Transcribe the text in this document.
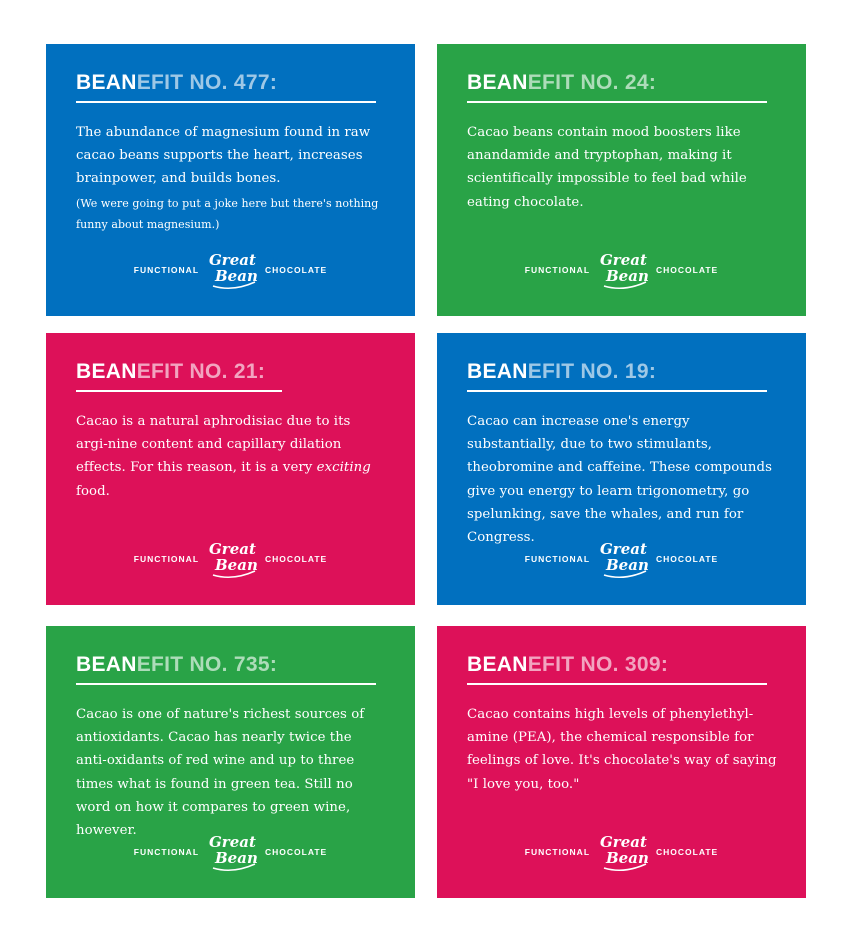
BEANEFIT NO. 477:
The abundance of magnesium found in raw cacao beans supports the heart, increases brainpower, and builds bones.
(We were going to put a joke here but there's nothing funny about magnesium.)
FUNCTIONAL
Great
Bean CHOCOLATE
BEANEFIT NO. 24:
Cacao beans contain mood boosters like anandamide and tryptophan, making it scientifically impossible to feel bad while eating chocolate.
FUNCTIONAL
Great
Bean CHOCOLATE
BEANEFIT NO. 21:
Cacao is a natural aphrodisiac due to its argi-nine content and capillary dilation effects. For this reason, it is a very exciting food.
FUNCTIONAL
Great
Bean CHOCOLATE
BEANEFIT NO. 19:
Cacao can increase one's energy substantially, due to two stimulants, theobromine and caffeine. These compounds give you energy to learn trigonometry, go spelunking, save the whales, and run for Congress.
FUNCTIONAL
Great
Bean CHOCOLATE
BEANEFIT NO. 735:
Cacao is one of nature's richest sources of antioxidants. Cacao has nearly twice the anti-oxidants of red wine and up to three times what is found in green tea. Still no word on how it compares to green wine, however.
FUNCTIONAL
Great
Bean CHOCOLATE
BEANEFIT NO. 309:
Cacao contains high levels of phenylethyl-amine (PEA), the chemical responsible for feelings of love. It's chocolate's way of saying "I love you, too."
FUNCTIONAL
Great
Bean CHOCOLATE
